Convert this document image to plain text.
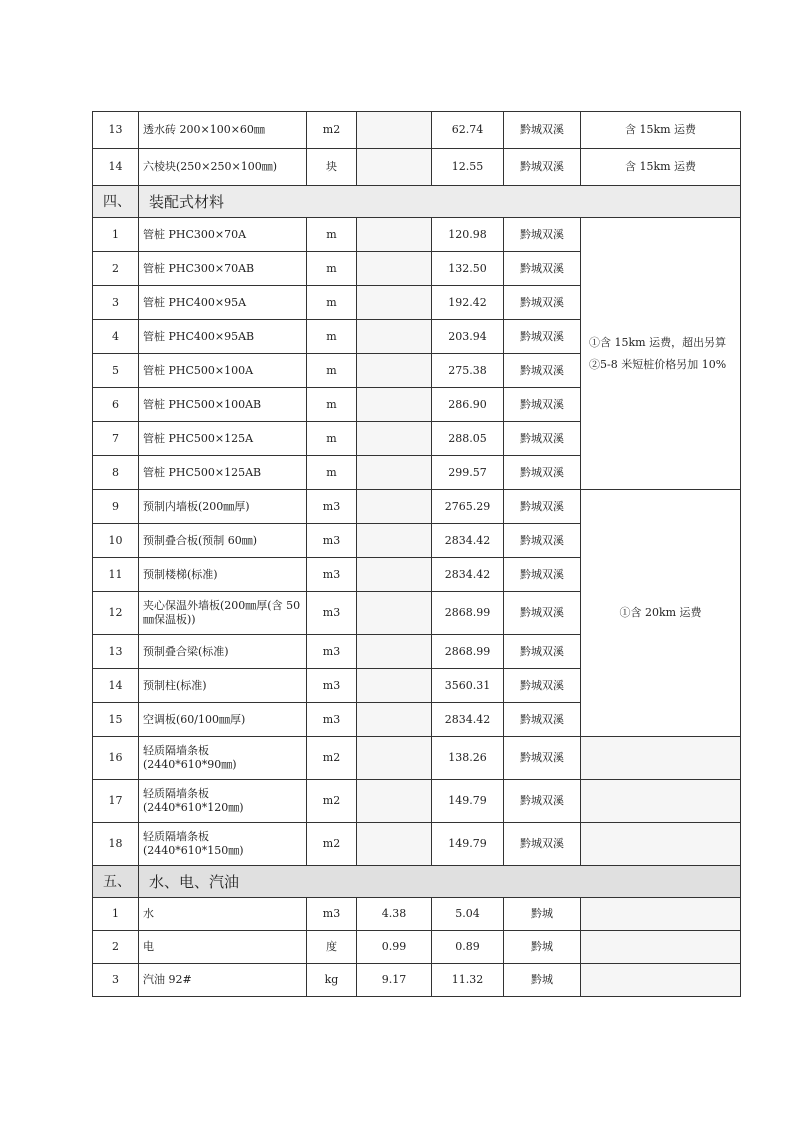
13	透水砖 200×100×60㎜	m2		62.74	黔城双溪	含 15km 运费
14	六棱块(250×250×100㎜)	块		12.55	黔城双溪	含 15km 运费
四、	装配式材料					
1	管桩 PHC300×70A	m		120.98	黔城双溪	①含 15km 运费，超出另算
②5-8 米短桩价格另加 10%

2	管桩 PHC300×70AB	m		132.50	黔城双溪	
3	管桩 PHC400×95A	m		192.42	黔城双溪	
4	管桩 PHC400×95AB	m		203.94	黔城双溪	
5	管桩 PHC500×100A	m		275.38	黔城双溪	
6	管桩 PHC500×100AB	m		286.90	黔城双溪	
7	管桩 PHC500×125A	m		288.05	黔城双溪	
8	管桩 PHC500×125AB	m		299.57	黔城双溪	
9	预制内墙板(200㎜厚)	m3		2765.29	黔城双溪	①含 20km 运费
10	预制叠合板(预制 60㎜)	m3		2834.42	黔城双溪	
11	预制楼梯(标准)	m3		2834.42	黔城双溪	
12	夹心保温外墙板(200㎜厚(含 50㎜保温板))	m3		2868.99	黔城双溪	
13	预制叠合梁(标准)	m3		2868.99	黔城双溪	
14	预制柱(标准)	m3		3560.31	黔城双溪	
15	空调板(60/100㎜厚)	m3		2834.42	黔城双溪	
16	轻质隔墙条板
(2440*610*90㎜)	m2		138.26	黔城双溪	
17	轻质隔墙条板
(2440*610*120㎜)	m2		149.79	黔城双溪	
18	轻质隔墙条板
(2440*610*150㎜)	m2		149.79	黔城双溪	
五、	水、电、汽油					
1	水	m3	4.38	5.04	黔城	
2	电	度	0.99	0.89	黔城	
3	汽油 92#	kg	9.17	11.32	黔城	
